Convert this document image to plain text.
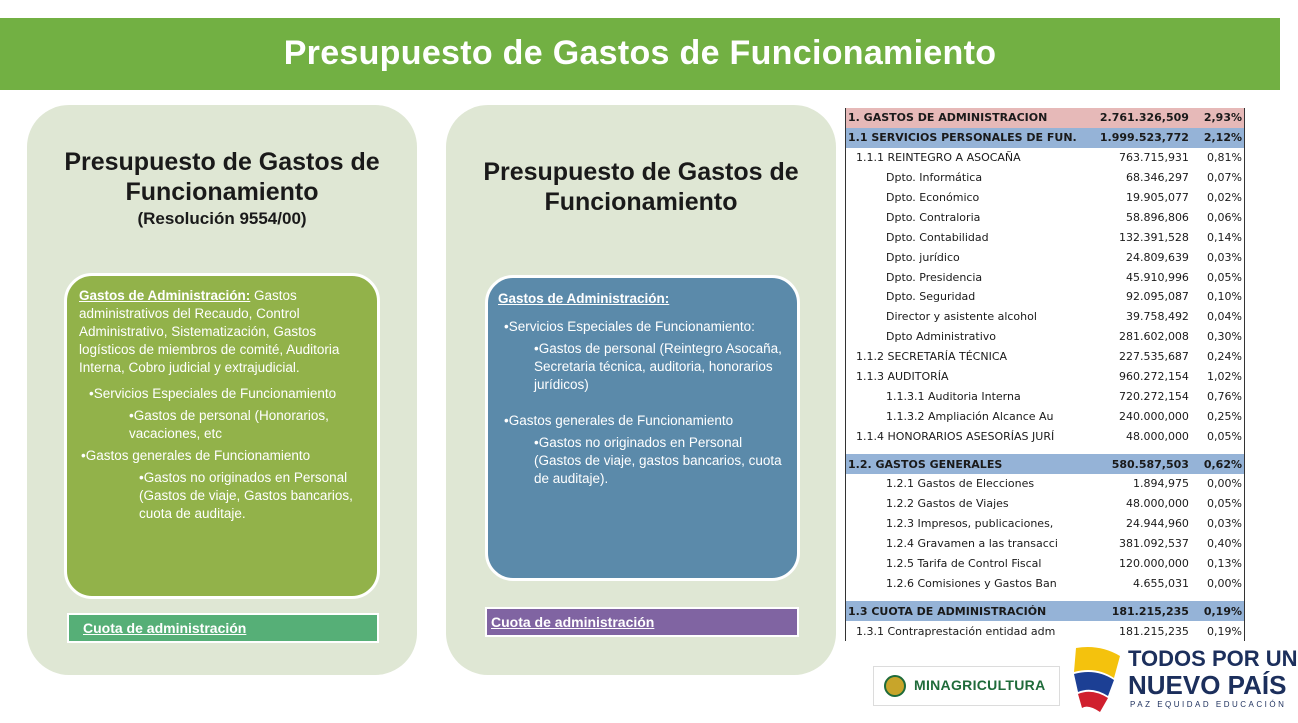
Presupuesto de Gastos de Funcionamiento
Presupuesto de Gastos de
Funcionamiento
(Resolución 9554/00)
Gastos de Administración: Gastos administrativos del Recaudo, Control Administrativo, Sistematización, Gastos logísticos de miembros de comité, Auditoria Interna, Cobro judicial y extrajudicial.
•Servicios Especiales de Funcionamiento
•Gastos de personal (Honorarios, vacaciones, etc
•Gastos generales de Funcionamiento
•Gastos no originados en Personal (Gastos de viaje, Gastos bancarios, cuota de auditaje.
Cuota de administración
Presupuesto de Gastos de
Funcionamiento
Gastos de Administración:
•Servicios Especiales de Funcionamiento:
•Gastos de personal (Reintegro Asocaña, Secretaria técnica, auditoria, honorarios jurídicos)
•Gastos generales de Funcionamiento
•Gastos no originados en Personal (Gastos de viaje, gastos bancarios, cuota de auditaje).
Cuota de administración
1. GASTOS DE ADMINISTRACION	2.761.326,509	2,93%
1.1 SERVICIOS PERSONALES DE FUN.	1.999.523,772	2,12%
1.1.1 REINTEGRO A ASOCAÑA	763.715,931	0,81%
Dpto. Informática	68.346,297	0,07%
Dpto. Económico	19.905,077	0,02%
Dpto. Contraloria	58.896,806	0,06%
Dpto. Contabilidad	132.391,528	0,14%
Dpto. jurídico	24.809,639	0,03%
Dpto. Presidencia	45.910,996	0,05%
Dpto. Seguridad	92.095,087	0,10%
Director y asistente alcohol	39.758,492	0,04%
Dpto Administrativo	281.602,008	0,30%
1.1.2 SECRETARÍA TÉCNICA	227.535,687	0,24%
1.1.3 AUDITORÍA	960.272,154	1,02%
1.1.3.1 Auditoria Interna	720.272,154	0,76%
1.1.3.2 Ampliación Alcance Au	240.000,000	0,25%
1.1.4 HONORARIOS ASESORÍAS JURÍ	48.000,000	0,05%

1.2. GASTOS GENERALES	580.587,503	0,62%
1.2.1 Gastos de Elecciones	1.894,975	0,00%
1.2.2 Gastos de Viajes	48.000,000	0,05%
1.2.3 Impresos, publicaciones,	24.944,960	0,03%
1.2.4 Gravamen a las transacci	381.092,537	0,40%
1.2.5 Tarifa de Control Fiscal	120.000,000	0,13%
1.2.6 Comisiones y Gastos Ban	4.655,031	0,00%

1.3 CUOTA DE ADMINISTRACIÓN	181.215,235	0,19%
1.3.1 Contraprestación entidad adm	181.215,235	0,19%
MINAGRICULTURA
TODOS POR UN
NUEVO PAÍS
PAZ EQUIDAD EDUCACIÓN
